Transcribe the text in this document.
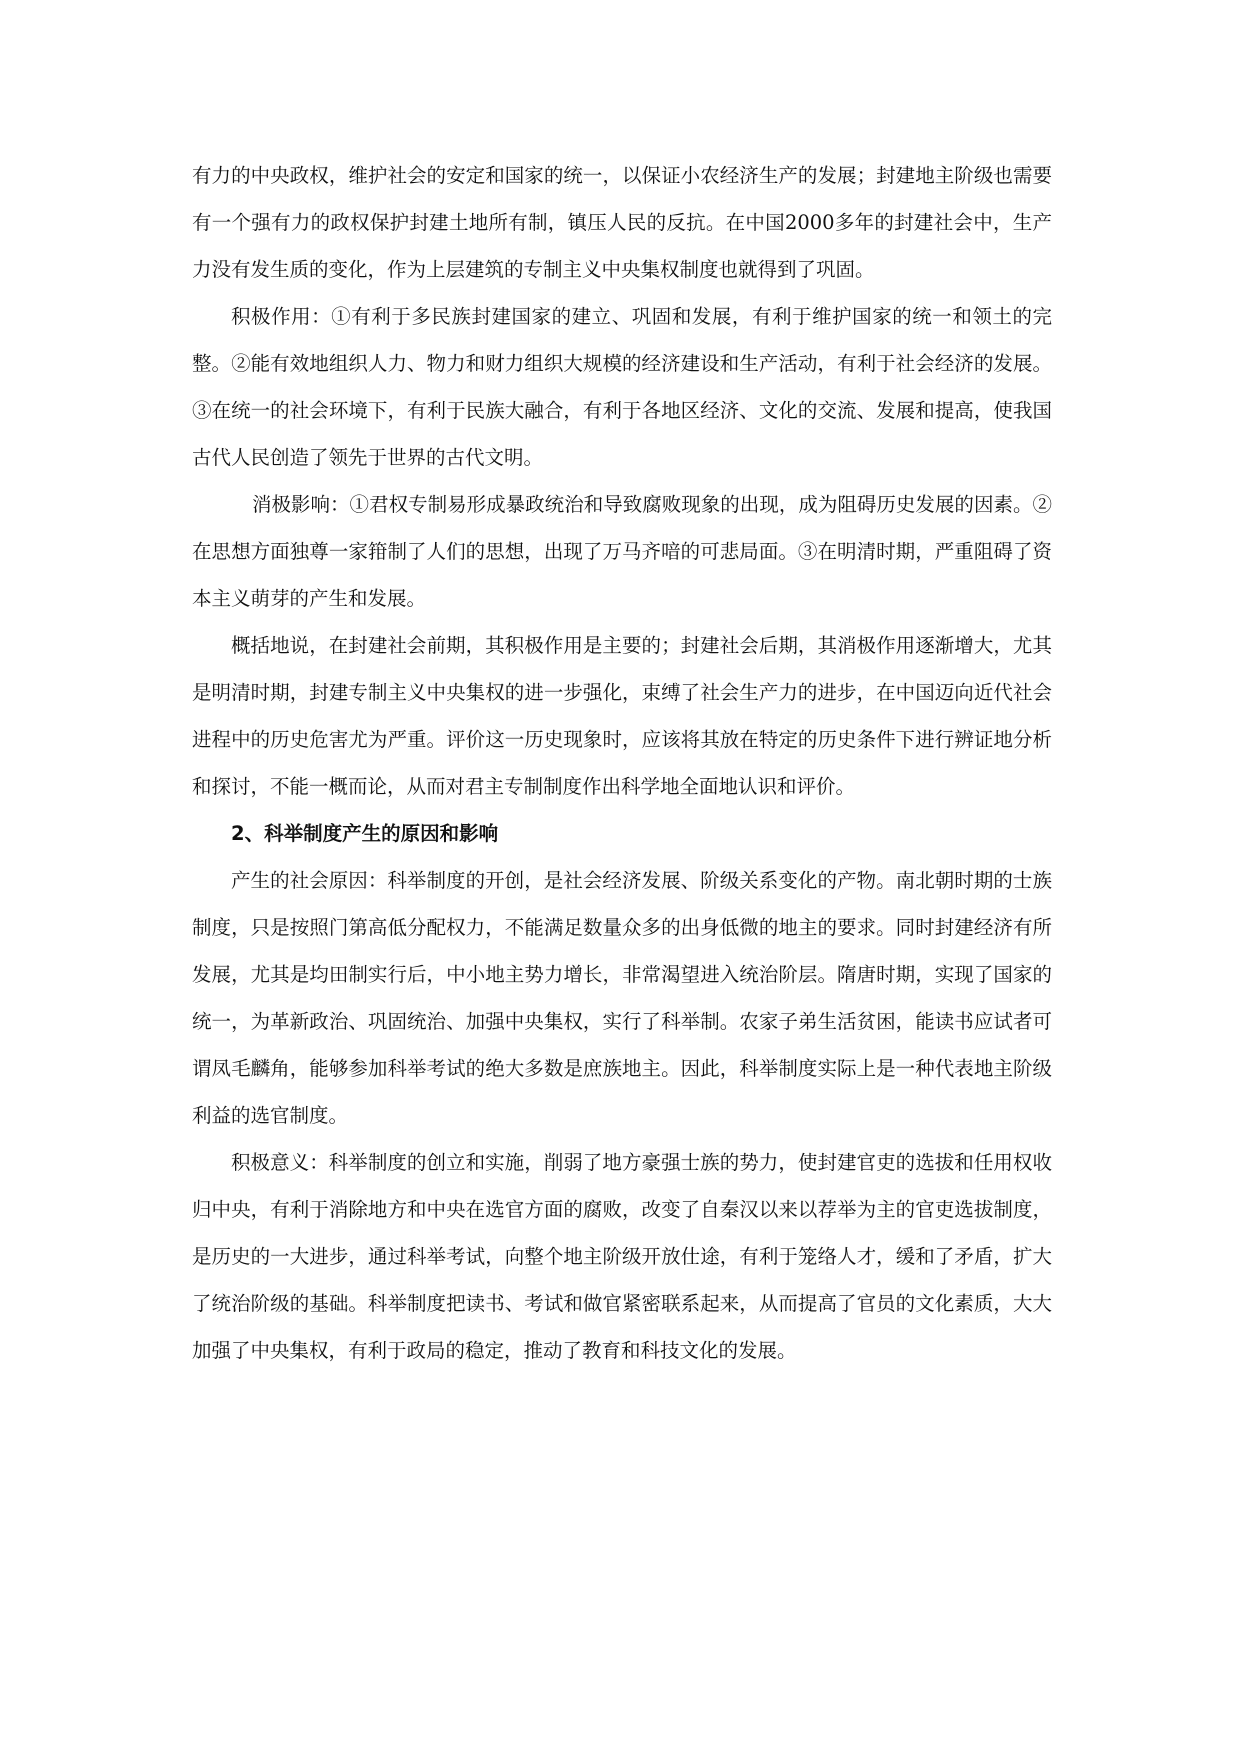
有力的中央政权，维护社会的安定和国家的统一，以保证小农经济生产的发展；封建地主阶级也需要有一个强有力的政权保护封建土地所有制，镇压人民的反抗。在中国2000多年的封建社会中，生产力没有发生质的变化，作为上层建筑的专制主义中央集权制度也就得到了巩固。

积极作用：①有利于多民族封建国家的建立、巩固和发展，有利于维护国家的统一和领土的完整。②能有效地组织人力、物力和财力组织大规模的经济建设和生产活动，有利于社会经济的发展。③在统一的社会环境下，有利于民族大融合，有利于各地区经济、文化的交流、发展和提高，使我国古代人民创造了领先于世界的古代文明。

消极影响：①君权专制易形成暴政统治和导致腐败现象的出现，成为阻碍历史发展的因素。②在思想方面独尊一家箝制了人们的思想，出现了万马齐喑的可悲局面。③在明清时期，严重阻碍了资本主义萌芽的产生和发展。

概括地说，在封建社会前期，其积极作用是主要的；封建社会后期，其消极作用逐渐增大，尤其是明清时期，封建专制主义中央集权的进一步强化，束缚了社会生产力的进步，在中国迈向近代社会进程中的历史危害尤为严重。评价这一历史现象时，应该将其放在特定的历史条件下进行辨证地分析和探讨，不能一概而论，从而对君主专制制度作出科学地全面地认识和评价。

2、科举制度产生的原因和影响

产生的社会原因：科举制度的开创，是社会经济发展、阶级关系变化的产物。南北朝时期的士族制度，只是按照门第高低分配权力，不能满足数量众多的出身低微的地主的要求。同时封建经济有所发展，尤其是均田制实行后，中小地主势力增长，非常渴望进入统治阶层。隋唐时期，实现了国家的统一，为革新政治、巩固统治、加强中央集权，实行了科举制。农家子弟生活贫困，能读书应试者可谓凤毛麟角，能够参加科举考试的绝大多数是庶族地主。因此，科举制度实际上是一种代表地主阶级利益的选官制度。

积极意义：科举制度的创立和实施，削弱了地方豪强士族的势力，使封建官吏的选拔和任用权收归中央，有利于消除地方和中央在选官方面的腐败，改变了自秦汉以来以荐举为主的官吏选拔制度，是历史的一大进步，通过科举考试，向整个地主阶级开放仕途，有利于笼络人才，缓和了矛盾，扩大了统治阶级的基础。科举制度把读书、考试和做官紧密联系起来，从而提高了官员的文化素质，大大加强了中央集权，有利于政局的稳定，推动了教育和科技文化的发展。
